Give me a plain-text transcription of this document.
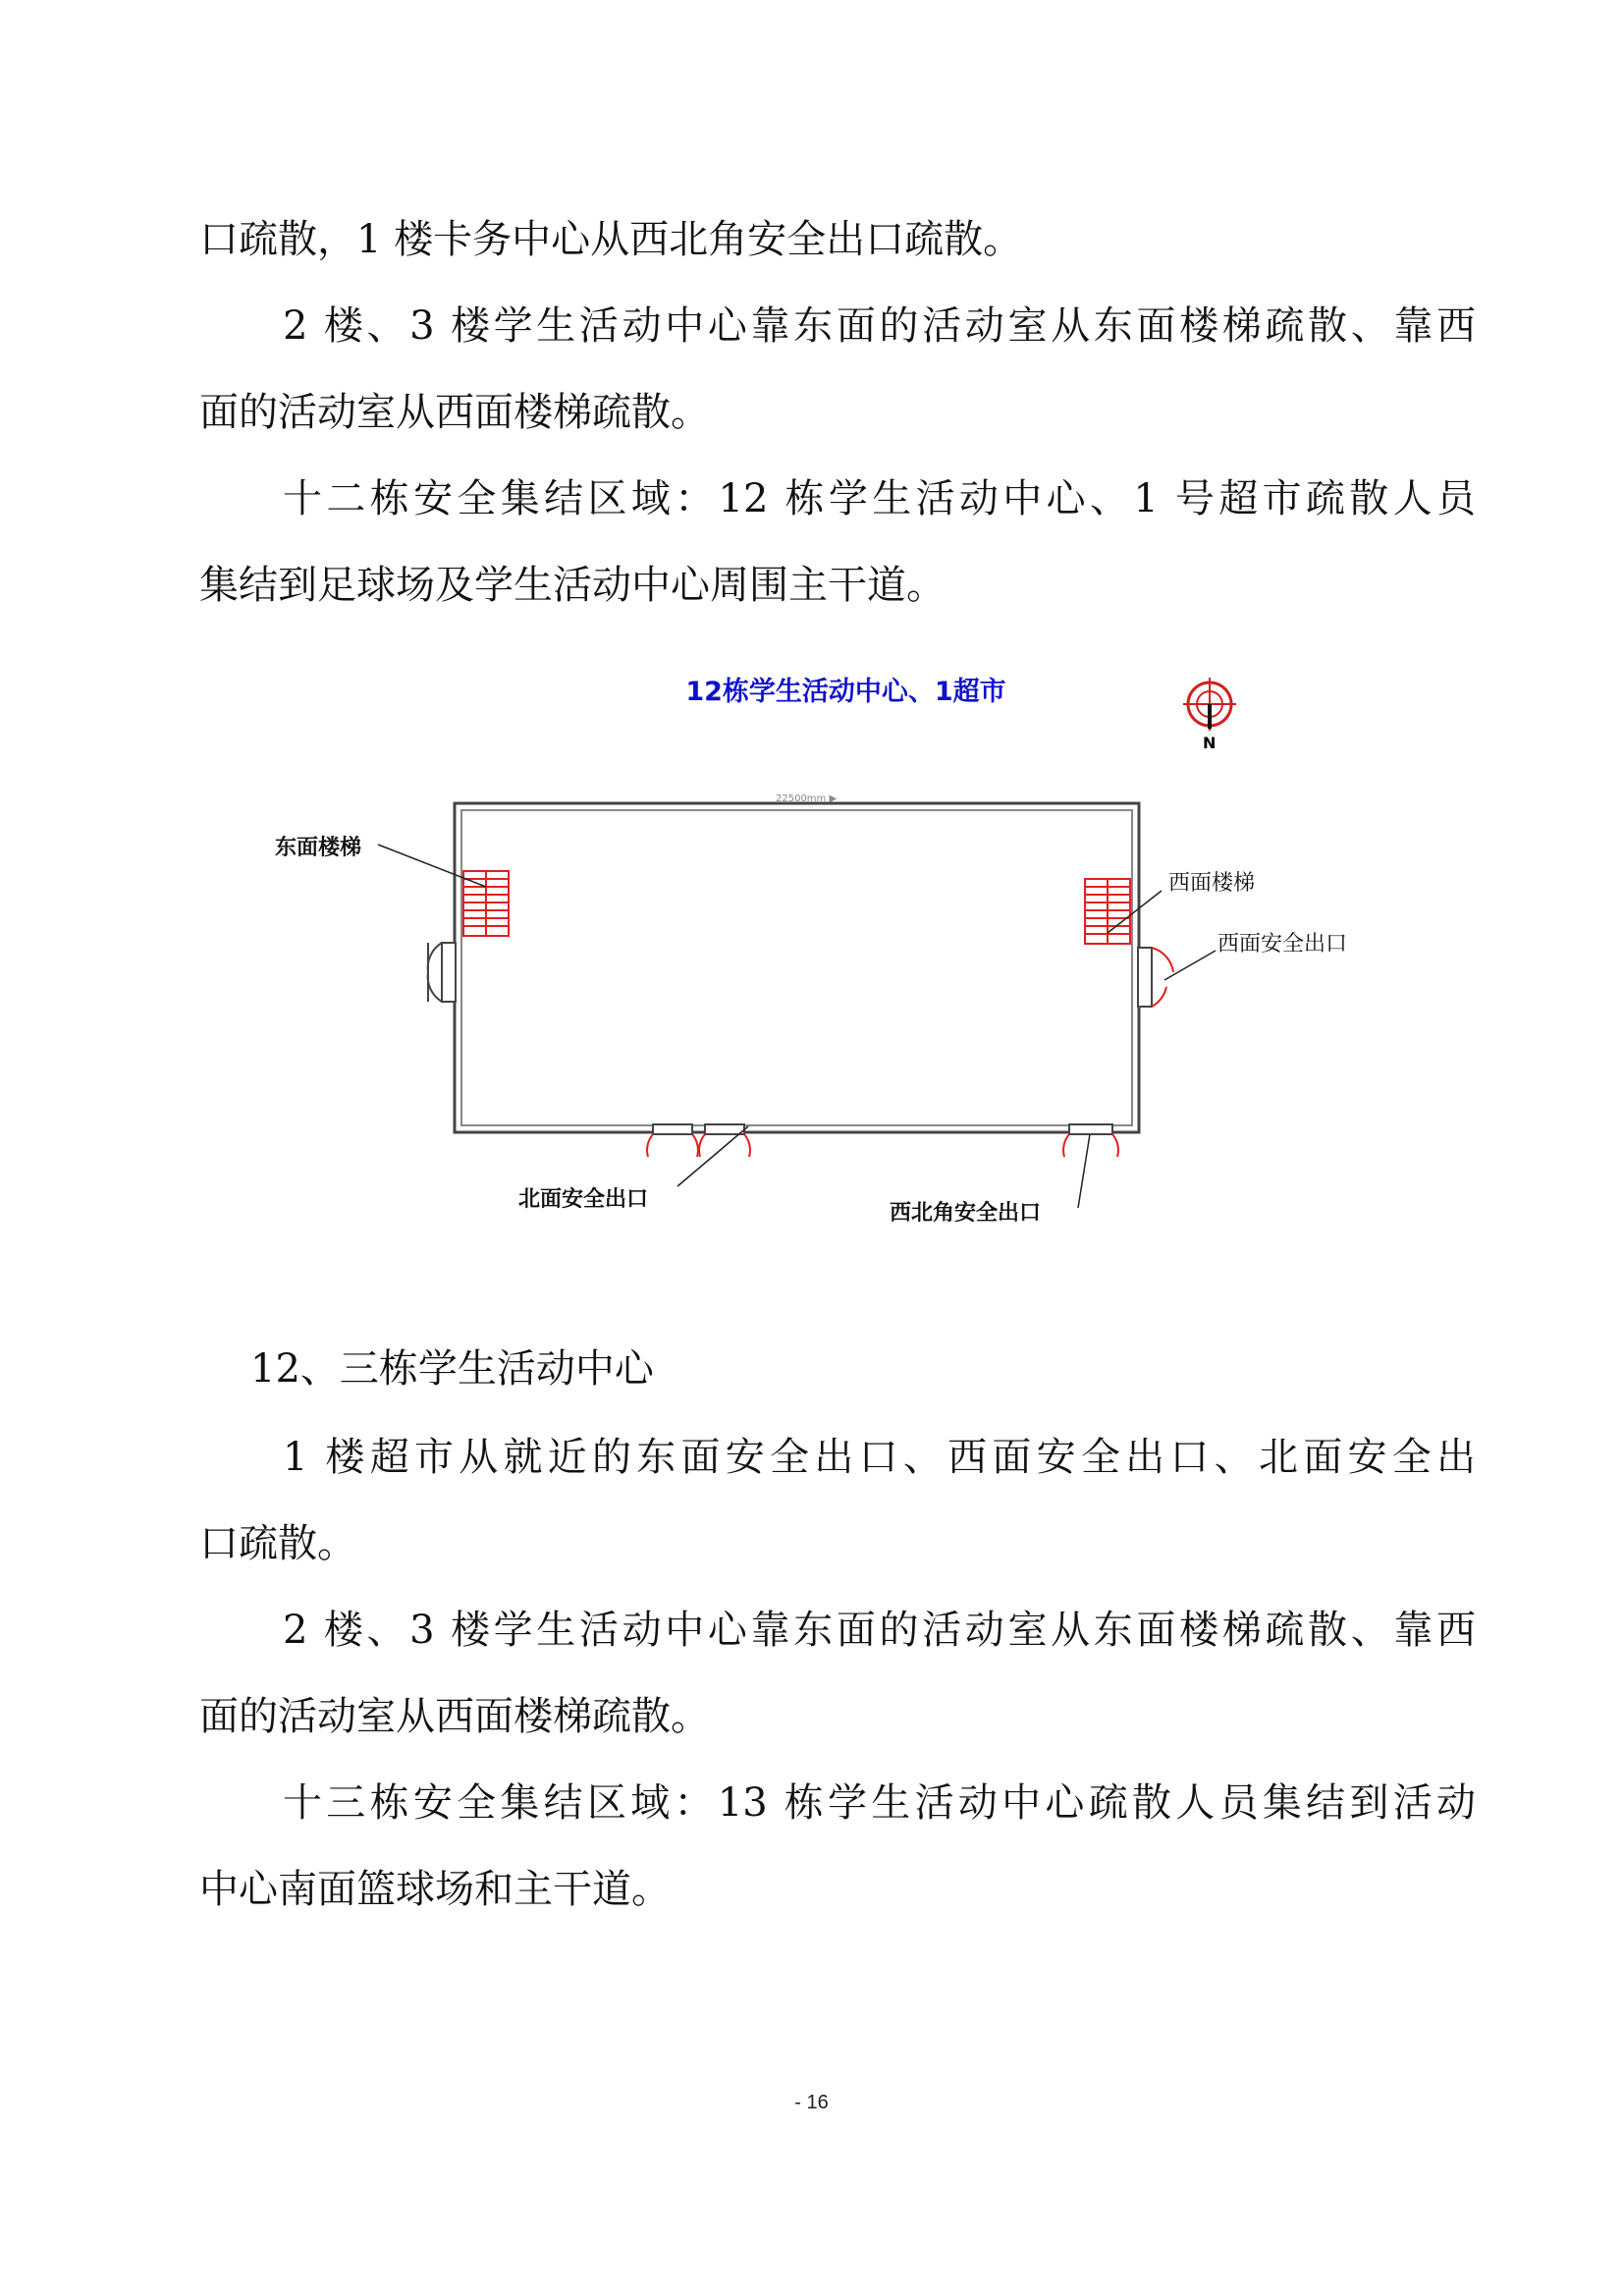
口疏散，1 楼卡务中心从西北角安全出口疏散。

2 楼、3 楼学生活动中心靠东面的活动室从东面楼梯疏散、靠西

面的活动室从西面楼梯疏散。

十二栋安全集结区域：12 栋学生活动中心、1 号超市疏散人员

集结到足球场及学生活动中心周围主干道。

12栋学生活动中心、1超市
N
22500mm ▶
东面楼梯
西面楼梯
西面安全出口
北面安全出口
西北角安全出口

12、三栋学生活动中心

1 楼超市从就近的东面安全出口、西面安全出口、北面安全出

口疏散。

2 楼、3 楼学生活动中心靠东面的活动室从东面楼梯疏散、靠西

面的活动室从西面楼梯疏散。

十三栋安全集结区域：13 栋学生活动中心疏散人员集结到活动

中心南面篮球场和主干道。

- 16
